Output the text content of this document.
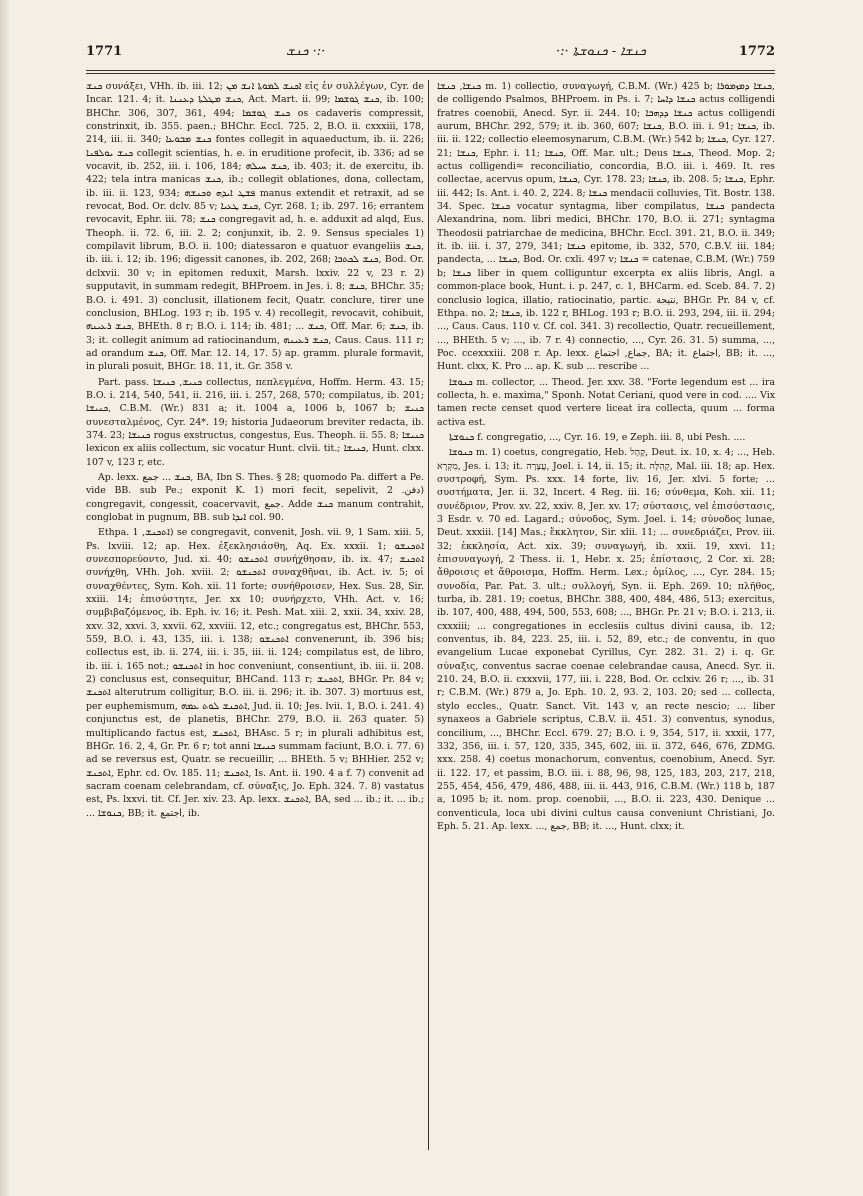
1771	ܟܢܫ ·:·	·:· ܟܢܫܐ - ܟܢܘܫܬܐ	1772

ܟܢܫ συνάξει, VHh. ib. iii. 12; ܐܟܢܫ ܠܡܘܬܐ ܐܢܫ ܡܢ εἰς ἐν συλλέγων, Cyr. de Incar. 121. 4; it. ܟܢܫ ܡܛܠܬܐ ܕܥܢܢܐ, Act. Mart. ii. 99; ܟܢܫ ܓܘܫܡܐ, ib. 100; BHChr. 306, 307, 361, 494; ܟܢܫ ܓܘܫܡܐ os cadaveris compressit, constrinxit, ib. 355. paen.; BHChr. Eccl. 725. 2, B.O. ii. cxxxiii, 178, 214, iii. ii. 340; ܟܢܫ ܡܒܘܥܐ fontes collegit in aquaeductum, ib. ii. 226; ܟܢܫ ܝܘܠܦܢܐ collegit scientias, h. e. in eruditione profecit, ib. 336; ad se vocavit, ib. 252, iii. i. 106, 184; ܟܢܫ ܚܝܠܗ, ib. 403; it. de exercitu, ib. 422; tela intra manicas ܟܢܫ, ib.; collegit oblationes, dona, collectam, ib. iii. ii. 123, 934; ܦܫܛ ܐܝܕܗ ܘܟܢܫܗ manus extendit et retraxit, ad se revocat, Bod. Or. dclv. 85 v; ܟܢܫ ܛܥܝܐ, Cyr. 268. 1; ib. 297. 16; errantem revocavit, Ephr. iii. 78; ܟܢܫ congregavit ad, h. e. adduxit ad alqd, Eus. Theoph. ii. 72. 6, iii. 2. 2; conjunxit, ib. 2. 9. Sensus speciales 1) compilavit librum, B.O. ii. 100; diatessaron e quatuor evangeliis ܟܢܫ, ib. iii. i. 12; ib. 196; digessit canones, ib. 202, 268; ܟܢܫ ܠܟܬܒܐ, Bod. Or. dclxvii. 30 v; in epitomen reduxit, Marsh. lxxiv. 22 v, 23 r. 2) supputavit, in summam redegit, BHProem. in Jes. i. 8; ܟܢܫ, BHChr. 35; B.O. i. 491. 3) conclusit, illationem fecit, Quatr. conclure, tirer une conclusion, BHLog. 193 r; ib. 195 v. 4) recollegit, revocavit, cohibuit, ܟܢܫ ܪܥܝܢܗ, BHEth. 8 r; B.O. i. 114; ib. 481; ... ܟܢܫ, Off. Mar. 6; ܟܢܫ, ib. 3; it. collegit animum ad ratiocinandum, ܟܢܫ ܪܥܝܢܗ, Caus. Caus. 111 r; ad orandum ܟܢܫ, Off. Mar. 12. 14, 17. 5) ap. gramm. plurale formavit, in plurali posuit, BHGr. 18. 11, it. Gr. 358 v.

Part. pass. ܟܢܝܫ, ܟܢܝܫܐ collectus, πεπλεγμένα, Hoffm. Herm. 43. 15; B.O. i. 214, 540, 541, ii. 216, iii. i. 257, 268, 570; compilatus, ib. 201; ܟܢܝܫܐ, C.B.M. (Wr.) 831 a; it. 1004 a, 1006 b, 1067 b; ܟܢܝܫ συνεσταλμένος, Cyr. 24*. 19; historia Judaeorum breviter redacta, ib. 374. 23; ܟܢܝܫܐ rogus exstructus, congestus, Eus. Theoph. ii. 55. 8; ܟܢܝܫܐ lexicon ex aliis collectum, sic vocatur Hunt. clvii. tit.; ܟܢܝܫܐ, Hunt. clxx. 107 v, 123 r, etc.

Ap. lexx. ܟܢܫ ... جمع, BA, Ibn S. Thes. § 28; quomodo Pa. differt a Pe. vide BB. sub Pe.; exponit K. 1) mori fecit, sepelivit, دفن. 2) congregavit, congessit, coacervavit, جمع. Adde ܟܢܫ manum contrahit, conglobat in pugnum, BB. sub ܐܝܕܐ col. 90.

Ethpa. ܐܬܟܢܫ, 1) se congregavit, convenit, Josh. vii. 9, 1 Sam. xiii. 5, Ps. lxviii. 12; ap. Hex. ἐξεκλησιάσθη, Aq. Ex. xxxii. 1; ܐܬܟܢܫܘ συνεσπορεύοντο, Jud. xi. 40; ܐܬܟܢܫܘ συνήχθησαν, ib. ix. 47; ܐܬܟܢܫ συνήχθη, VHh. Joh. xviii. 2; ܐܬܟܢܫܘ συναχθῆναι, ib. Act. iv. 5; οἱ συναχθέντες, Sym. Koh. xii. 11 forte; συνήθροισεν, Hex. Sus. 28, Sir. xxiii. 14; ἐπισύστητε, Jer. xx 10; συνήρχετο, VHh. Act. v. 16; συμβιβαζόμενος, ib. Eph. iv. 16; it. Pesh. Mat. xiii. 2, xxii. 34, xxiv. 28, xxv. 32, xxvi. 3, xxvii. 62, xxviii. 12, etc.; congregatus est, BHChr. 553, 559, B.O. i. 43, 135, iii. i. 138; ܐܬܟܢܫܘ convenerunt, ib. 396 bis; collectus est, ib. ii. 274, iii. i. 35, iii. ii. 124; compilatus est, de libro, ib. iii. i. 165 not.; ܐܬܟܢܫܘ in hoc conveniunt, consentiunt, ib. iii. ii. 208. 2) conclusus est, consequitur, BHCand. 113 r; ܐܬܟܢܫ, BHGr. Pr. 84 v; ܐܬܟܢܫ alterutrum colligitur, B.O. iii. ii. 296; it. ib. 307. 3) mortuus est, per euphemismum, ܐܬܟܢܫ ܠܘܬ ܥܡܗ, Jud. ii. 10; Jes. lvii. 1, B.O. i. 241. 4) conjunctus est, de planetis, BHChr. 279, B.O. ii. 263 quater. 5) multiplicando factus est, ܐܬܟܢܫ, BHAsc. 5 r; in plurali adhibitus est, BHGr. 16. 2, 4, Gr. Pr. 6 r; tot anni ܟܢܝܫܐ summam faciunt, B.O. i. 77. 6) ad se reversus est, Quatr. se recueillir, ... BHEth. 5 v; BHHier. 252 v; ܐܬܟܢܫ, Ephr. cd. Ov. 185. 11; ܐܬܟܢܫ, Is. Ant. ii. 190. 4 a f. 7) convenit ad sacram coenam celebrandam, cf. σύναξις, Jo. Eph. 324. 7. 8) vastatus est, Ps. lxxvi. tit. Cf. Jer. xiv. 23. Ap. lexx. ܐܬܟܢܫ, BA, sed ... ib.; it. ... ib.; ... ܟܢܘܫܐ, BB; it. اجتمع, ib.

ܟܢܫܐ, ܟܢܫܐ m. 1) collectio, συναγωγή, C.B.M. (Wr.) 425 b; ܟܢܫܐ ܕܡܙܡܘܪܐ, de colligendo Psalmos, BHProem. in Ps. i. 7; ܟܢܫܐ ܕܐܚܐ actus colligendi fratres coenobii, Anecd. Syr. ii. 244. 10; ܟܢܫܐ ܕܕܗܒܐ actus colligendi aurum, BHChr. 292, 579; it. ib. 360, 607; ܟܢܫܐ, B.O. iii. i. 91; ܟܢܫܐ, ib. iii. ii. 122; collectio eleemosynarum, C.B.M. (Wr.) 542 b; ܟܢܫܐ, Cyr. 127. 21; ܟܢܫܐ, Ephr. i. 11; ܟܢܫܐ, Off. Mar. ult.; Deus ܟܢܫܐ, Theod. Mop. 2; actus colligendi= reconciliatio, concordia, B.O. iii. i. 469. It. res collectae, acervus opum, ܟܢܫܐ, Cyr. 178. 23; ܟܢܫܐ, ib. 208. 5; ܟܢܫܐ, Ephr. iii. 442; Is. Ant. i. 40. 2, 224. 8; ܟܢܫܐ mendacii colluvies, Tit. Bostr. 138. 34. Spec. ܟܢܫܐ vocatur syntagma, liber compilatus, ܟܢܫܐ pandecta Alexandrina, nom. libri medici, BHChr. 170, B.O. ii. 271; syntagma Theodosii patriarchae de medicina, BHChr. Eccl. 391. 21, B.O. ii. 349; it. ib. iii. i. 37, 279, 341; ܟܢܫܐ epitome, ib. 332, 570, C.B.V. iii. 184; pandecta, ... ܟܢܫܐ, Bod. Or. cxli. 497 v; ܟܢܫܐ = catenae, C.B.M. (Wr.) 759 b; ܟܢܫܐ liber in quem colliguntur excerpta ex aliis libris, Angl. a common-place book, Hunt. i. p. 247, c. 1, BHCarm. ed. Sceb. 84. 7. 2) conclusio logica, illatio, ratiocinatio, partic. نتيجة, BHGr. Pr. 84 v, cf. Ethpa. no. 2; ܟܢܫܐ, ib. 122 r, BHLog. 193 r; B.O. ii. 293, 294, iii. ii. 294; ..., Caus. Caus. 110 v. Cf. col. 341. 3) recollectio, Quatr. recueillement, ..., BHEth. 5 v; ..., ib. 7 r. 4) connectio, ..., Cyr. 26. 31. 5) summa, ..., Poc. ccexxxiii. 208 r. Ap. lexx. جماع, اجتماع, BA; it. اجتماع, BB; it. ..., Hunt. clxx, K. Pro ... ap. K. sub ... rescribe ...

ܟܢܘܫܐ m. collector, ... Theod. Jer. xxv. 38. "Forte legendum est ... ira collecta, h. e. maxima," Sponh. Notat Ceriani, quod vere in cod. .... Vix tamen recte censet quod vertere liceat ira collecta, quum ... forma activa est.

ܟܢܘܫܬܐ f. congregatio, ..., Cyr. 16. 19, e Zeph. iii. 8, ubi Pesh. ....

ܟܢܘܫܐ m. 1) coetus, congregatio, Heb. קָהָל, Deut. ix. 10, x. 4; ..., Heb. מִקְרָא, Jes. i. 13; it. עֲצָרָה, Joel. i. 14, ii. 15; it. קְהִלָּה, Mal. iii. 18; ap. Hex. συστροφή, Sym. Ps. xxx. 14 forte, liv. 16, Jer. xlvi. 5 forte; ... συστήματα, Jer. ii. 32, Incert. 4 Reg. iii. 16; σύνθεμα, Koh. xii. 11; συνέδριον, Prov. xv. 22, xxiv. 8, Jer. xv. 17; σύστασις, vel ἐπισύστασις, 3 Esdr. v. 70 ed. Lagard.; σύνοδος, Sym. Joel. i. 14; σύνοδος lunae, Deut. xxxiii. [14] Mas.; ἔκκλητον, Sir. xlii. 11; ... συνεδριάζει, Prov. iii. 32; ἐκκλησία, Act. xix. 39; συναγωγή, ib. xxii. 19, xxvi. 11; ἐπισυναγωγή, 2 Thess. ii. 1, Hebr. x. 25; ἐπίστασις, 2 Cor. xi. 28; ἄθροισις et ἄθροισμα, Hoffm. Herm. Lex.; ὁμίλος, ..., Cyr. 284. 15; συνοδία, Par. Pat. 3. ult.; συλλογή, Syn. ii. Eph. 269. 10; πλῆθος, turba, ib. 281. 19; coetus, BHChr. 388, 400, 484, 486, 513; exercitus, ib. 107, 400, 488, 494, 500, 553, 608; ..., BHGr. Pr. 21 v; B.O. i. 213, ii. cxxxiii; ... congregationes in ecclesiis cultus divini causa, ib. 12; conventus, ib. 84, 223. 25, iii. i. 52, 89, etc.; de conventu, in quo evangelium Lucae exponebat Cyrillus, Cyr. 282. 31. 2) i. q. Gr. σύναξις, conventus sacrae coenae celebrandae causa, Anecd. Syr. ii. 210. 24, B.O. ii. cxxxvii, 177, iii. i. 228, Bod. Or. cclxiv. 26 r; ..., ib. 31 r; C.B.M. (Wr.) 879 a, Jo. Eph. 10. 2, 93. 2, 103. 20; sed ... collecta, stylo eccles., Quatr. Sanct. Vit. 143 v, an recte nescio; ... liber synaxeos a Gabriele scriptus, C.B.V. ii. 451. 3) conventus, synodus, concilium, ..., BHChr. Eccl. 679. 27; B.O. i. 9, 354, 517, ii. xxxii, 177, 332, 356, iii. i. 57, 120, 335, 345, 602, iii. ii. 372, 646, 676, ZDMG. xxx. 258. 4) coetus monachorum, conventus, coenobium, Anecd. Syr. ii. 122. 17, et passim, B.O. iii. i. 88, 96, 98, 125, 183, 203, 217, 218, 255, 454, 456, 479, 486, 488, iii. ii. 443, 916, C.B.M. (Wr.) 118 b, 187 a, 1095 b; it. nom. prop. coenobii, ..., B.O. ii. 223, 430. Denique ... conventicula, loca ubi divini cultus causa conveniunt Christiani, Jo. Eph. 5. 21. Ap. lexx. ..., جمع, BB; it. ..., Hunt. clxx; it.
